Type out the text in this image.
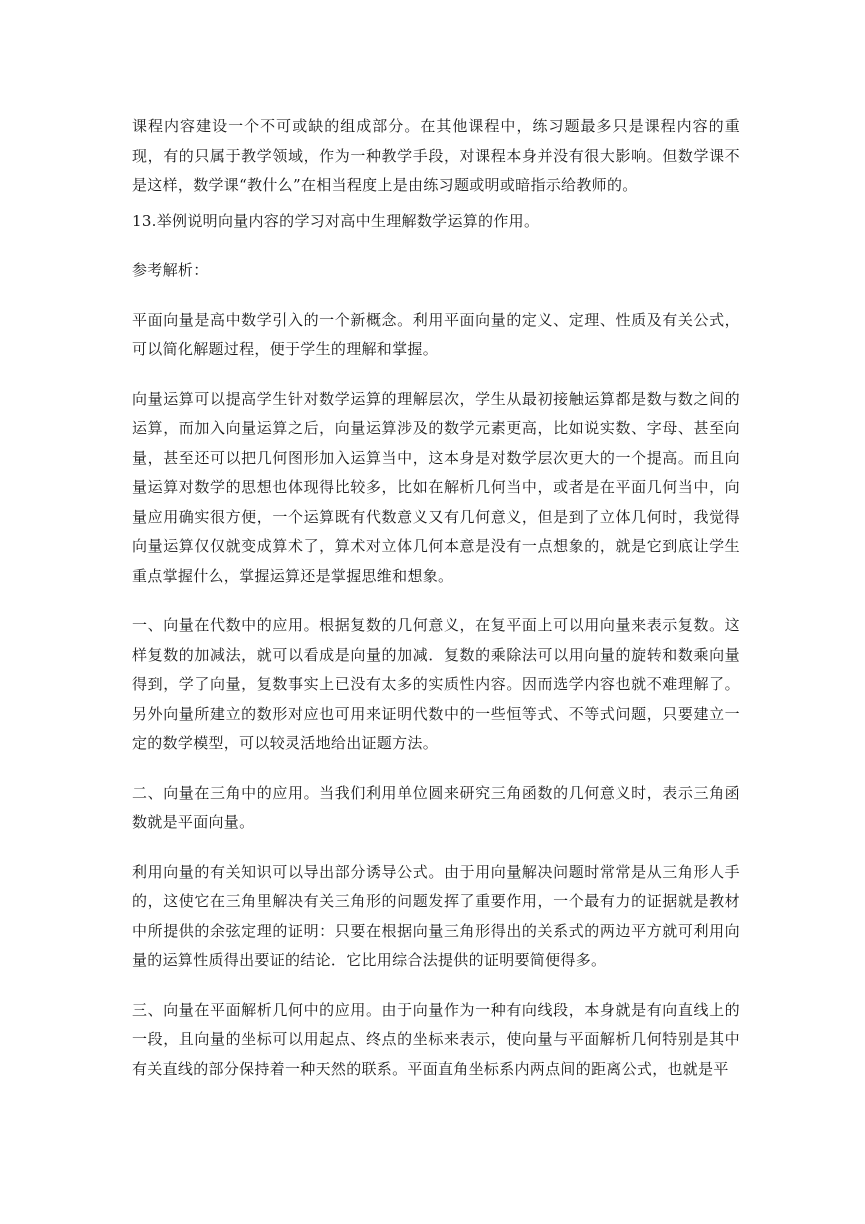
课程内容建设一个不可或缺的组成部分。在其他课程中，练习题最多只是课程内容的重现，有的只属于教学领域，作为一种教学手段，对课程本身并没有很大影响。但数学课不是这样，数学课“教什么”在相当程度上是由练习题或明或暗指示给教师的。

13.举例说明向量内容的学习对高中生理解数学运算的作用。

参考解析：

平面向量是高中数学引入的一个新概念。利用平面向量的定义、定理、性质及有关公式，可以简化解题过程，便于学生的理解和掌握。

向量运算可以提高学生针对数学运算的理解层次，学生从最初接触运算都是数与数之间的运算，而加入向量运算之后，向量运算涉及的数学元素更高，比如说实数、字母、甚至向量，甚至还可以把几何图形加入运算当中，这本身是对数学层次更大的一个提高。而且向量运算对数学的思想也体现得比较多，比如在解析几何当中，或者是在平面几何当中，向量应用确实很方便，一个运算既有代数意义又有几何意义，但是到了立体几何时，我觉得向量运算仅仅就变成算术了，算术对立体几何本意是没有一点想象的，就是它到底让学生重点掌握什么，掌握运算还是掌握思维和想象。

一、向量在代数中的应用。根据复数的几何意义，在复平面上可以用向量来表示复数。这样复数的加减法，就可以看成是向量的加减．复数的乘除法可以用向量的旋转和数乘向量得到，学了向量，复数事实上已没有太多的实质性内容。因而选学内容也就不难理解了。另外向量所建立的数形对应也可用来证明代数中的一些恒等式、不等式问题，只要建立一定的数学模型，可以较灵活地给出证题方法。

二、向量在三角中的应用。当我们利用单位圆来研究三角函数的几何意义时，表示三角函数就是平面向量。

利用向量的有关知识可以导出部分诱导公式。由于用向量解决问题时常常是从三角形人手的，这使它在三角里解决有关三角形的问题发挥了重要作用，一个最有力的证据就是教材中所提供的余弦定理的证明：只要在根据向量三角形得出的关系式的两边平方就可利用向量的运算性质得出要证的结论．它比用综合法提供的证明要简便得多。

三、向量在平面解析几何中的应用。由于向量作为一种有向线段，本身就是有向直线上的一段，且向量的坐标可以用起点、终点的坐标来表示，使向量与平面解析几何特别是其中有关直线的部分保持着一种天然的联系。平面直角坐标系内两点间的距离公式，也就是平
